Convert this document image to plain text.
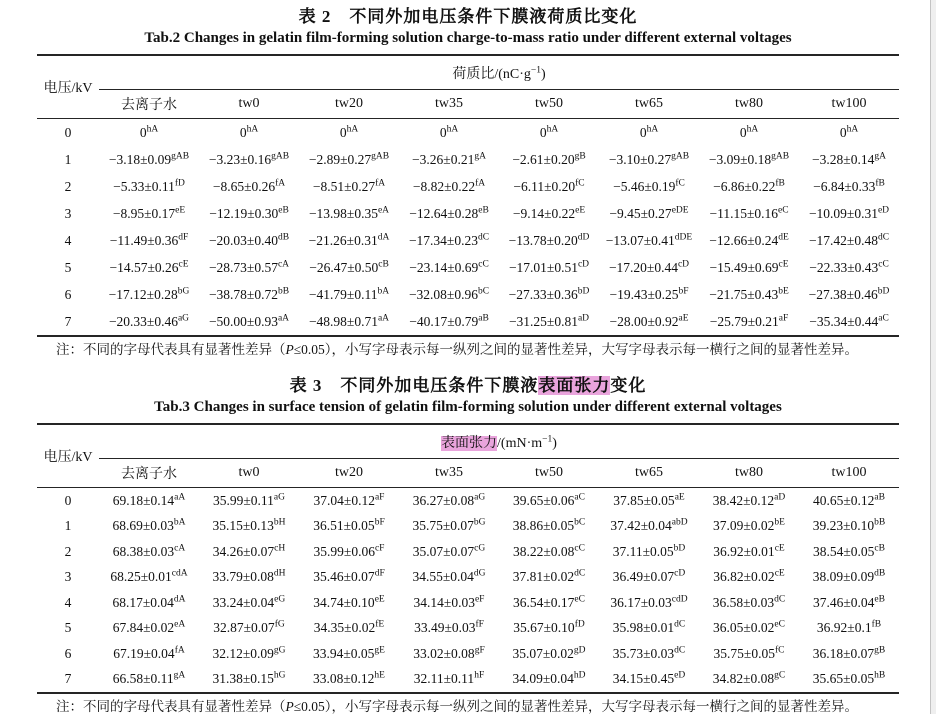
表 2　不同外加电压条件下膜液荷质比变化
Tab.2 Changes in gelatin film-forming solution charge-to-mass ratio under different external voltages
电压/kV	荷质比$/(nC\cdot g^{-1})$							
	去离子水	tw0	tw20	tw35	tw50	tw65	tw80	tw100
0	$0^{hA}$	$0^{hA}$	$0^{hA}$	$0^{hA}$	$0^{hA}$	$0^{hA}$	$0^{hA}$	$0^{hA}$
1	$-3.18\pm 0.09^{gAB}$	$-3.23\pm 0.16^{gAB}$	$-2.89\pm 0.27^{gAB}$	$-3.26\pm 0.21^{gA}$	$-2.61\pm 0.20^{gB}$	$-3.10\pm 0.27^{gAB}$	$-3.09\pm 0.18^{gAB}$	$-3.28\pm 0.14^{gA}$
2	$-5.33\pm 0.11^{fD}$	$-8.65\pm 0.26^{fA}$	$-8.51\pm 0.27^{fA}$	$-8.82\pm 0.22^{fA}$	$-6.11\pm 0.20^{fC}$	$-5.46\pm 0.19^{fC}$	$-6.86\pm 0.22^{fB}$	$-6.84\pm 0.33^{fB}$
3	$-8.95\pm 0.17^{eE}$	$-12.19\pm 0.30^{eB}$	$-13.98\pm 0.35^{eA}$	$-12.64\pm 0.28^{eB}$	$-9.14\pm 0.22^{eE}$	$-9.45\pm 0.27^{eDE}$	$-11.15\pm 0.16^{eC}$	$-10.09\pm 0.31^{eD}$
4	$-11.49\pm 0.36^{dF}$	$-20.03\pm 0.40^{dB}$	$-21.26\pm 0.31^{dA}$	$-17.34\pm 0.23^{dC}$	$-13.78\pm 0.20^{dD}$	$-13.07\pm 0.41^{dDE}$	−12.66±0.24dE	$-17.42\pm 0.48^{dC}$
5	$-14.57\pm 0.26^{cE}$	$-28.73\pm 0.57^{cA}$	$-26.47\pm 0.50^{cB}$	$-23.14\pm 0.69^{cC}$	$-17.01\pm 0.51^{cD}$	$-17.20\pm 0.44^{cD}$	$-15.49\pm 0.69^{cE}$	$-22.33\pm 0.43^{cC}$
6	$-17.12\pm 0.28^{bG}$	$-38.78\pm 0.72^{bB}$	$-41.79\pm 0.11^{bA}$	$-32.08\pm 0.96^{bC}$	$-27.33\pm 0.36^{bD}$	$-19.43\pm 0.25^{bF}$	$-21.75\pm 0.43^{bE}$	$-27.38\pm 0.46^{bD}$
7	$-20.33\pm 0.46^{aG}$	$-50.00\pm 0.93^{aA}$	$-48.98\pm 0.71^{aA}$	$-40.17\pm 0.79^{aB}$	$-31.25\pm 0.81^{aD}$	$-28.00\pm 0.92^{aE}$	$-25.79\pm 0.21^{aF}$	$-35.34\pm 0.44^{aC}$
注：不同的字母代表具有显著性差异（P≤0.05），小写字母表示每一纵列之间的显著性差异，大写字母表示每一横行之间的显著性差异。
表 3　不同外加电压条件下膜液表面张力变化
Tab.3 Changes in surface tension of gelatin film-forming solution under different external voltages
电压/kV	表面张力$/(mN\cdot m^{-1})$							
	去离子水	tw0	tw20	tw35	tw50	tw65	tw80	tw100
0	$69.18\pm 0.14^{aA}$	$35.99\pm 0.11^{aG}$	$37.04\pm 0.12^{aF}$	$36.27\pm 0.08^{aG}$	$39.65\pm 0.06^{aC}$	$37.85\pm 0.05^{aE}$	$38.42\pm 0.12^{aD}$	$40.65\pm 0.12^{aB}$
1	$68.69\pm 0.03^{bA}$	$35.15\pm 0.13^{bH}$	$36.51\pm 0.05^{bF}$	$35.75\pm 0.07^{bG}$	$38.86\pm 0.05^{bC}$	$37.42\pm 0.04^{abD}$	$37.09\pm 0.02^{bE}$	$39.23\pm 0.10^{bB}$
2	$68.38\pm 0.03^{cA}$	$34.26\pm 0.07^{cH}$	$35.99\pm 0.06^{cF}$	$35.07\pm 0.07^{cG}$	$38.22\pm 0.08^{cC}$	$37.11\pm 0.05^{bD}$	$36.92\pm 0.01^{cE}$	$38.54\pm 0.05^{cB}$
3	$68.25\pm 0.01^{cdA}$	$33.79\pm 0.08^{dH}$	$35.46\pm 0.07^{dF}$	$34.55\pm 0.04^{dG}$	$37.81\pm 0.02^{dC}$	$36.49\pm 0.07^{cD}$	$36.82\pm 0.02^{cE}$	$38.09\pm 0.09^{dB}$
4	$68.17\pm 0.04^{dA}$	$33.24\pm 0.04^{eG}$	$34.74\pm 0.10^{eE}$	$34.14\pm 0.03^{eF}$	$36.54\pm 0.17^{eC}$	$36.17\pm 0.03^{cdD}$	$36.58\pm 0.03^{dC}$	$37.46\pm 0.04^{eB}$
5	$67.84\pm 0.02^{eA}$	$32.87\pm 0.07^{fG}$	$34.35\pm 0.02^{fE}$	$33.49\pm 0.03^{fF}$	$35.67\pm 0.10^{fD}$	$35.98\pm 0.01^{dC}$	$36.05\pm 0.02^{eC}$	$36.92\pm 0.1^{fB}$
6	$67.19\pm 0.04^{fA}$	$32.12\pm 0.09^{gG}$	$33.94\pm 0.05^{gE}$	$33.02\pm 0.08^{gF}$	$35.07\pm 0.02^{gD}$	$35.73\pm 0.03^{dC}$	$35.75\pm 0.05^{fC}$	$36.18\pm 0.07^{gB}$
7	$66.58\pm 0.11^{gA}$	$31.38\pm 0.15^{hG}$	$33.08\pm 0.12^{hE}$	$32.11\pm 0.11^{hF}$	$34.09\pm 0.04^{hD}$	$34.15\pm 0.45^{eD}$	$34.82\pm 0.08^{gC}$	$35.65\pm 0.05^{hB}$
注：不同的字母代表具有显著性差异（P≤0.05），小写字母表示每一纵列之间的显著性差异，大写字母表示每一横行之间的显著性差异。
